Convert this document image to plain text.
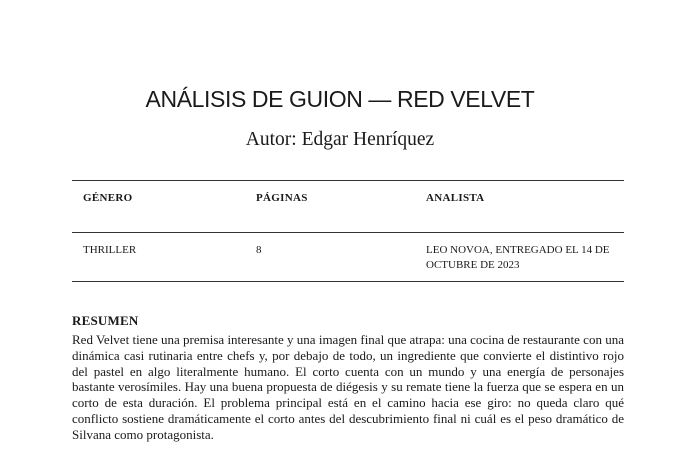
ANÁLISIS DE GUION — RED VELVET
Autor: Edgar Henríquez
GÉNERO	PÁGINAS	ANALISTA
THRILLER	8	LEO NOVOA, ENTREGADO EL 14 DE OCTUBRE DE 2023
RESUMEN

Red Velvet tiene una premisa interesante y una imagen final que atrapa: una cocina de restaurante con una dinámica casi rutinaria entre chefs y, por debajo de todo, un ingrediente que convierte el distintivo rojo del pastel en algo literalmente humano. El corto cuenta con un mundo y una energía de personajes bastante verosímiles. Hay una buena propuesta de diégesis y su remate tiene la fuerza que se espera en un corto de esta duración. El problema principal está en el camino hacia ese giro: no queda claro qué conflicto sostiene dramáticamente el corto antes del descubrimiento final ni cuál es el peso dramático de Silvana como protagonista.
